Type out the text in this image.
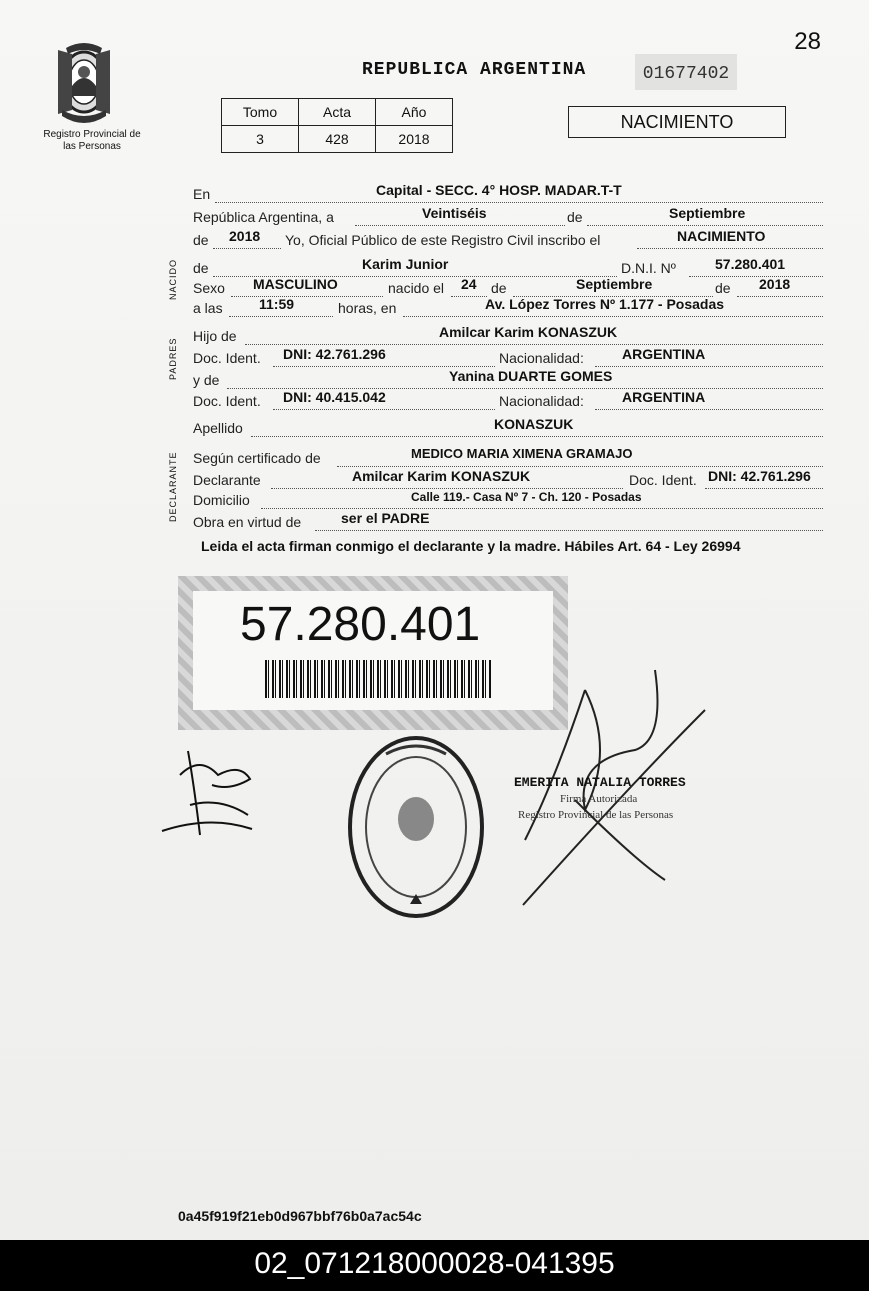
28
Registro Provincial de las Personas
REPUBLICA ARGENTINA	01677402
Tomo	Acta	Año
3	428	2018
NACIMIENTO
NACIDO
PADRES
DECLARANTE
En	Capital - SECC. 4° HOSP. MADAR.T-T
República Argentina, a	Veintiséis	de	Septiembre
de 2018 Yo, Oficial Público de este Registro Civil inscribo el	NACIMIENTO
de	Karim Junior	D.N.I. Nº	57.280.401
Sexo MASCULINO	nacido el 24 de	Septiembre	de 2018
a las	11:59	horas, en	Av. López Torres Nº 1.177 - Posadas
Hijo de	Amilcar Karim KONASZUK
Doc. Ident. DNI: 42.761.296	Nacionalidad:	ARGENTINA
y de	Yanina DUARTE GOMES
Doc. Ident. DNI: 40.415.042	Nacionalidad:	ARGENTINA
Apellido	KONASZUK
Según certificado de	MEDICO MARIA XIMENA GRAMAJO
Declarante	Amilcar Karim KONASZUK	Doc. Ident. DNI: 42.761.296
Domicilio	Calle 119.- Casa Nº 7 - Ch. 120 - Posadas
Obra en virtud de	ser el PADRE
Leida el acta firman conmigo el declarante y la madre. Hábiles Art. 64 - Ley 26994
57.280.401
EMERITA NATALIA TORRES
Firma Autorizada
Registro Provincial de las Personas
0a45f919f21eb0d967bbf76b0a7ac54c
02_071218000028-041395
